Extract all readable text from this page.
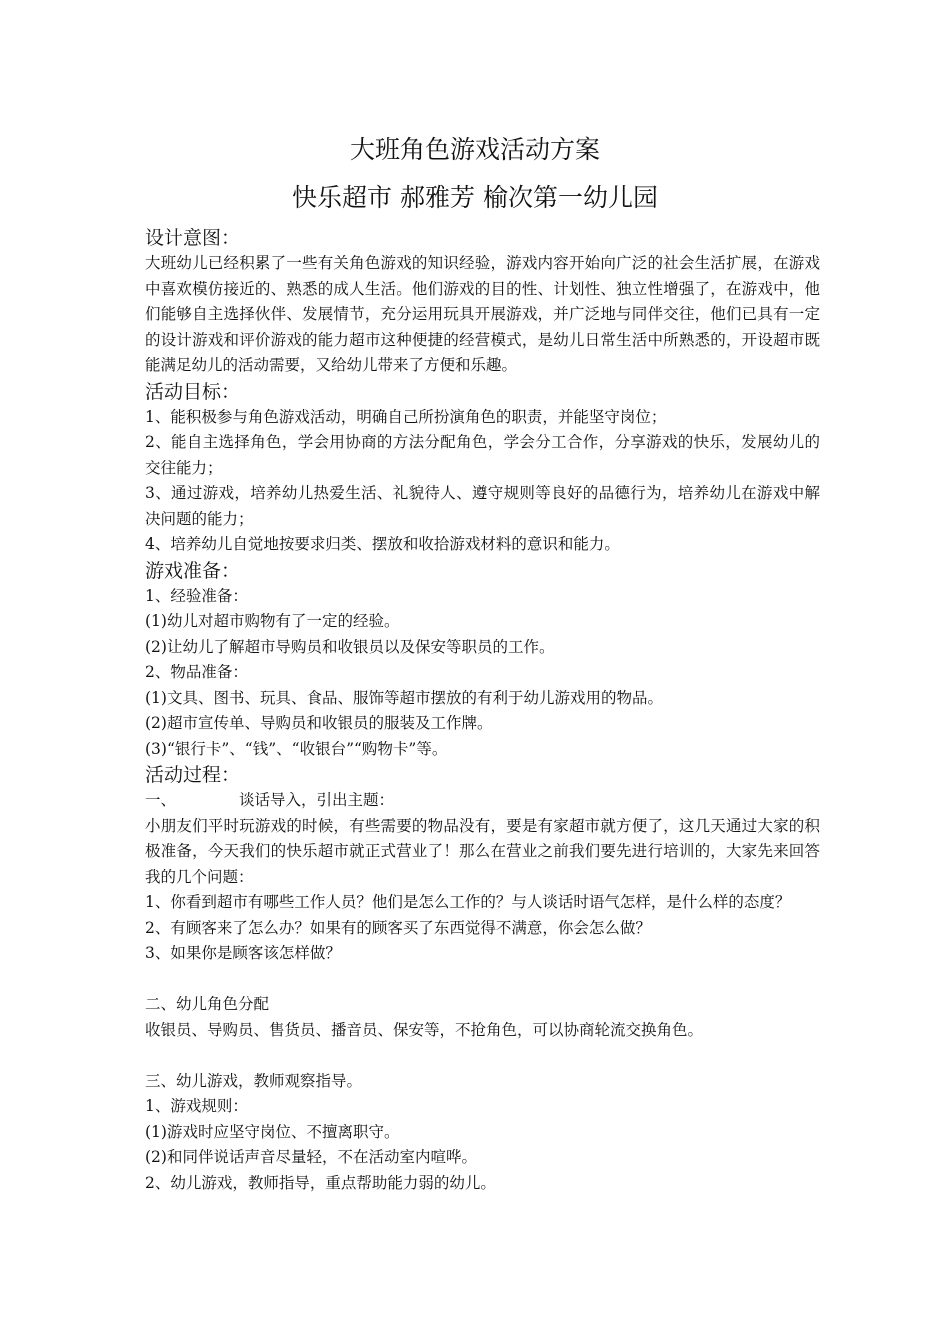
大班角色游戏活动方案
快乐超市 郝雅芳 榆次第一幼儿园
设计意图：
大班幼儿已经积累了一些有关角色游戏的知识经验，游戏内容开始向广泛的社会生活扩展，在游戏中喜欢模仿接近的、熟悉的成人生活。他们游戏的目的性、计划性、独立性增强了，在游戏中，他们能够自主选择伙伴、发展情节，充分运用玩具开展游戏，并广泛地与同伴交往，他们已具有一定的设计游戏和评价游戏的能力超市这种便捷的经营模式，是幼儿日常生活中所熟悉的，开设超市既能满足幼儿的活动需要，又给幼儿带来了方便和乐趣。
活动目标：
1、能积极参与角色游戏活动，明确自己所扮演角色的职责，并能坚守岗位；
2、能自主选择角色，学会用协商的方法分配角色，学会分工合作，分享游戏的快乐，发展幼儿的交往能力；
3、通过游戏，培养幼儿热爱生活、礼貌待人、遵守规则等良好的品德行为，培养幼儿在游戏中解决问题的能力；
4、培养幼儿自觉地按要求归类、摆放和收拾游戏材料的意识和能力。
游戏准备：
1、经验准备：
(1)幼儿对超市购物有了一定的经验。
(2)让幼儿了解超市导购员和收银员以及保安等职员的工作。
2、物品准备：
(1)文具、图书、玩具、食品、服饰等超市摆放的有利于幼儿游戏用的物品。
(2)超市宣传单、导购员和收银员的服装及工作牌。
(3)“银行卡”、“钱”、“收银台”“购物卡”等。
活动过程：
一、	谈话导入，引出主题：
小朋友们平时玩游戏的时候，有些需要的物品没有，要是有家超市就方便了，这几天通过大家的积极准备，今天我们的快乐超市就正式营业了！那么在营业之前我们要先进行培训的，大家先来回答我的几个问题：
1、你看到超市有哪些工作人员？他们是怎么工作的？与人谈话时语气怎样，是什么样的态度？
2、有顾客来了怎么办？如果有的顾客买了东西觉得不满意，你会怎么做？
3、如果你是顾客该怎样做？
二、幼儿角色分配
收银员、导购员、售货员、播音员、保安等，不抢角色，可以协商轮流交换角色。
三、幼儿游戏，教师观察指导。
1、游戏规则：
(1)游戏时应坚守岗位、不擅离职守。
(2)和同伴说话声音尽量轻，不在活动室内喧哗。
2、幼儿游戏，教师指导，重点帮助能力弱的幼儿。
